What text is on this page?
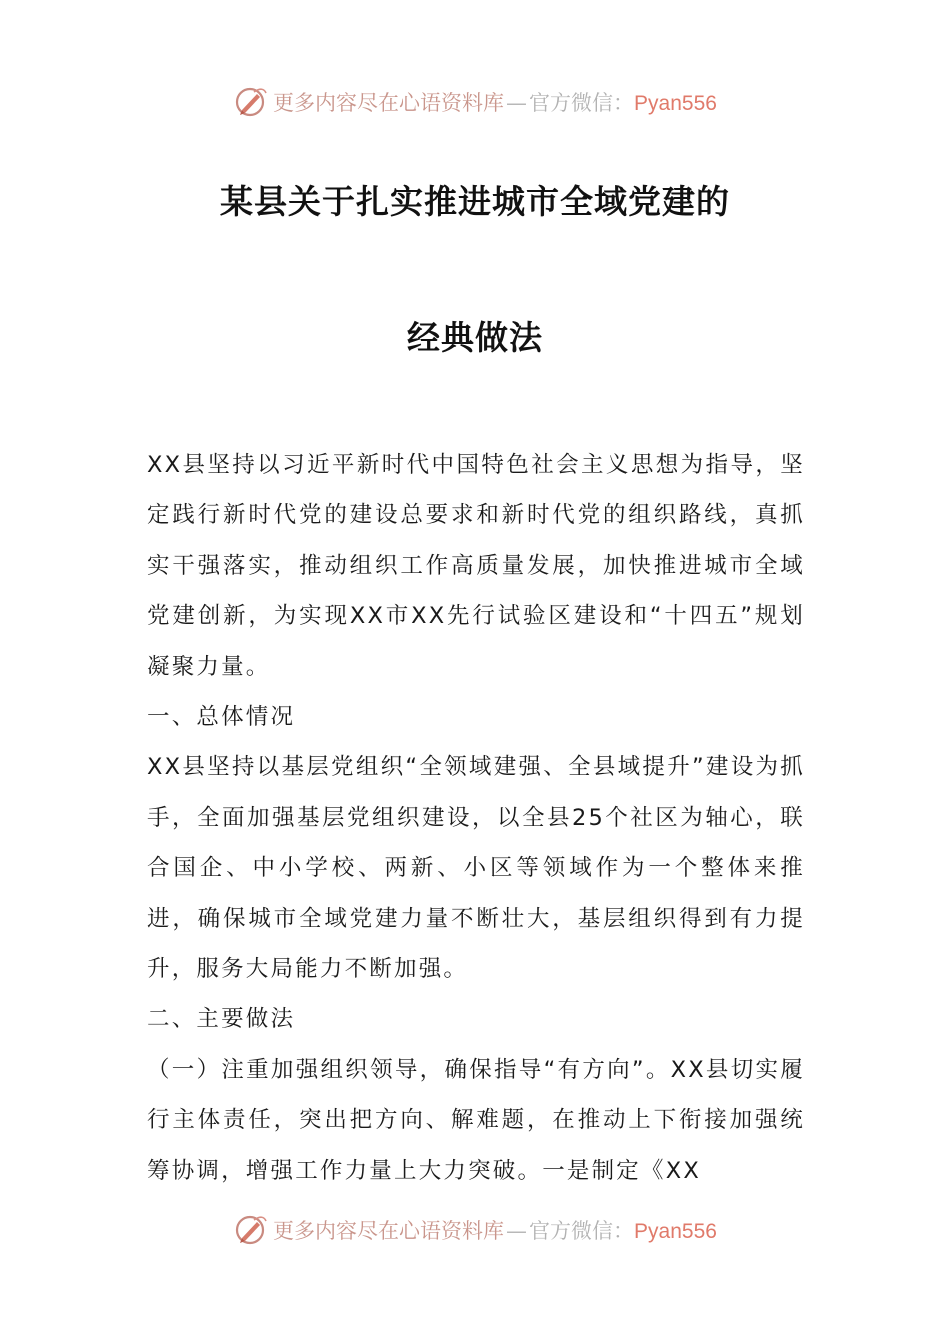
更多内容尽在心语资料库—官方微信：Pyan556
某县关于扎实推进城市全域党建的
经典做法

XX县坚持以习近平新时代中国特色社会主义思想为指导，坚定践行新时代党的建设总要求和新时代党的组织路线，真抓实干强落实，推动组织工作高质量发展，加快推进城市全域党建创新，为实现XX市XX先行试验区建设和“十四五”规划凝聚力量。

一、总体情况

XX县坚持以基层党组织“全领域建强、全县域提升”建设为抓手，全面加强基层党组织建设，以全县25个社区为轴心，联合国企、中小学校、两新、小区等领域作为一个整体来推进，确保城市全域党建力量不断壮大，基层组织得到有力提升，服务大局能力不断加强。

二、主要做法

（一）注重加强组织领导，确保指导“有方向”。XX县切实履行主体责任，突出把方向、解难题，在推动上下衔接加强统筹协调，增强工作力量上大力突破。一是制定《XX

更多内容尽在心语资料库—官方微信：Pyan556
